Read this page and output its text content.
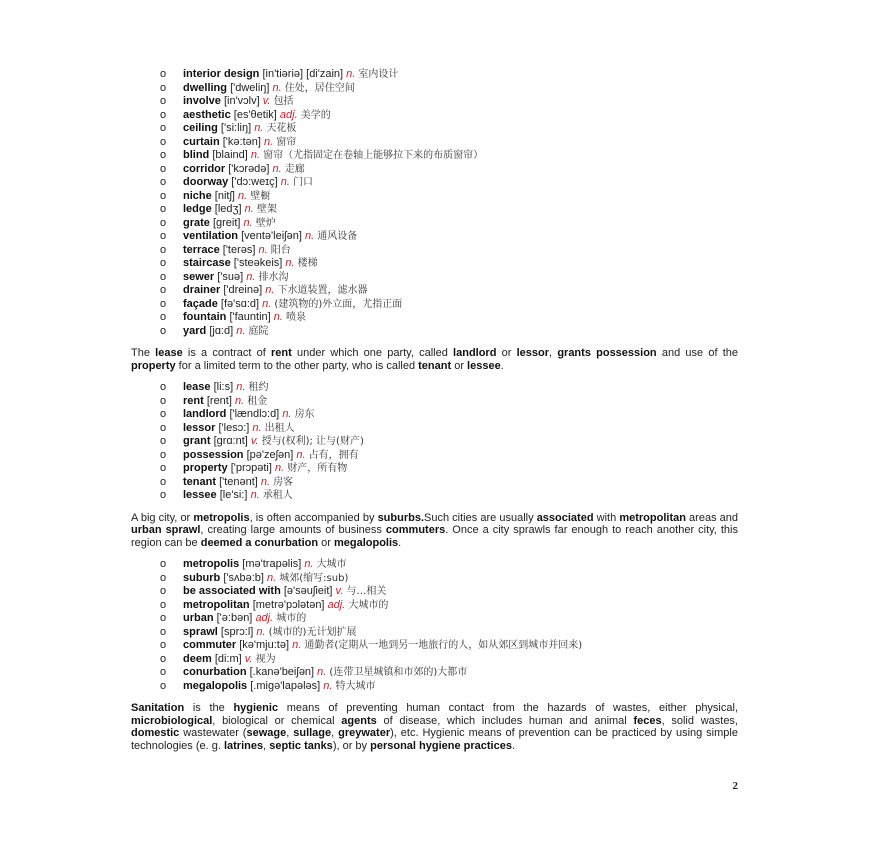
o interior design [in'tiəriə] [di'zain] n. 室内设计
o dwelling ['dweliŋ] n. 住处，居住空间
o involve [in'vɔlv] v. 包括
o aesthetic [es'θetik] adj. 美学的
o ceiling ['si:liŋ] n. 天花板
o curtain ['kə:tən] n. 窗帘
o blind [blaind] n. 窗帘（尤指固定在卷轴上能够拉下来的布质窗帘）
o corridor ['kɔrədə] n. 走廊
o doorway ['dɔ:weɪç] n. 门口
o niche [nitʃ] n. 壁橱
o ledge [ledʒ] n. 壁架
o grate [greit] n. 壁炉
o ventilation [ventə'leiʃən] n. 通风设备
o terrace ['terəs] n. 阳台
o staircase ['steəkeis] n. 楼梯
o sewer ['suə] n. 排水沟
o drainer ['dreinə] n. 下水道装置，滤水器
o façade [fə'sɑ:d] n. (建筑物的)外立面，尤指正面
o fountain ['fauntin] n. 喷泉
o yard [jɑ:d] n. 庭院

The lease is a contract of rent under which one party, called landlord or lessor, grants possession and use of the property for a limited term to the other party, who is called tenant or lessee.

o lease [li:s] n. 租约
o rent [rent] n. 租金
o landlord ['lændlɔ:d] n. 房东
o lessor ['lesɔ:] n. 出租人
o grant [grɑ:nt] v. 授与(权利); 让与(财产)
o possession [pə'zeʃən] n. 占有，拥有
o property ['prɔpəti] n. 财产，所有物
o tenant ['tenənt] n. 房客
o lessee [le'si:] n. 承租人

A big city, or metropolis, is often accompanied by suburbs.Such cities are usually associated with metropolitan areas and urban sprawl, creating large amounts of business commuters. Once a city sprawls far enough to reach another city, this region can be deemed a conurbation or megalopolis.

o metropolis [mə'trapəlis] n. 大城市
o suburb ['sʌbə:b] n. 城郊(缩写:sub)
o be associated with [ə'səuʃieit] v. 与…相关
o metropolitan [metrə'pɔlətən] adj. 大城市的
o urban ['ə:bən] adj. 城市的
o sprawl [sprɔ:l] n. (城市的)无计划扩展
o commuter [kə'mju:tə] n. 通勤者(定期从一地到另一地旅行的人，如从郊区到城市并回来)
o deem [di:m] v. 视为
o conurbation [.kanə'beiʃən] n. (连带卫星城镇和市郊的)大都市
o megalopolis [.migə'lapələs] n. 特大城市

Sanitation is the hygienic means of preventing human contact from the hazards of wastes, either physical, microbiological, biological or chemical agents of disease, which includes human and animal feces, solid wastes, domestic wastewater (sewage, sullage, greywater), etc. Hygienic means of prevention can be practiced by using simple technologies (e. g. latrines, septic tanks), or by personal hygiene practices.

2
